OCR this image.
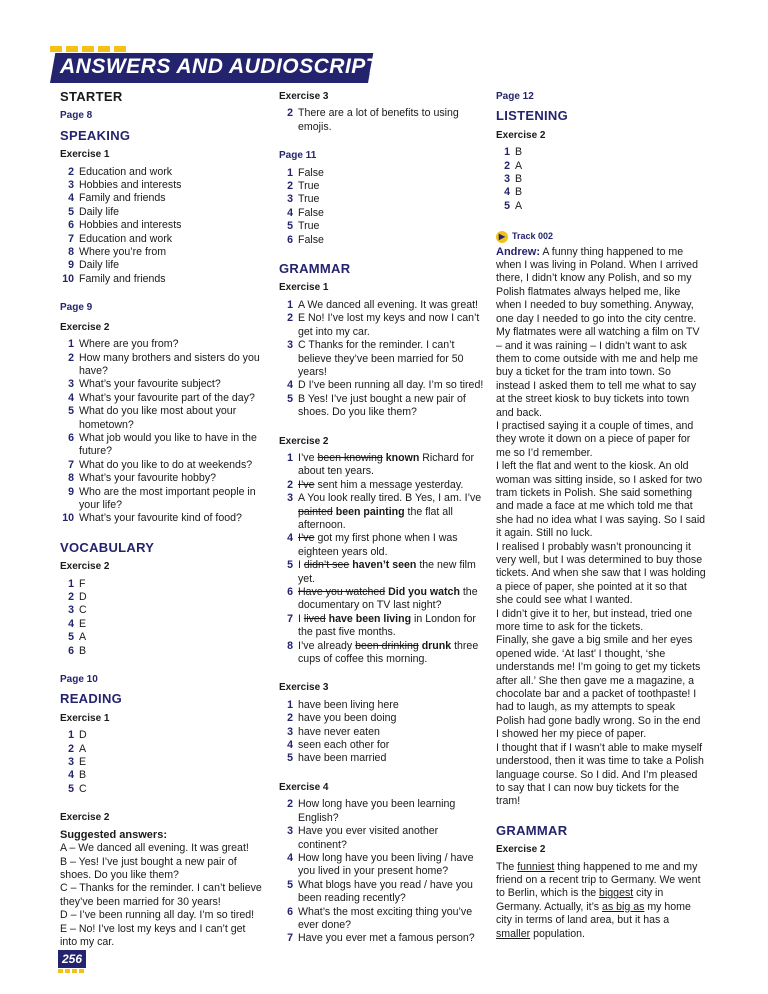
ANSWERS AND AUDIOSCRIPTS
STARTER
Page 8
SPEAKING
Exercise 1
2 Education and work
3 Hobbies and interests
4 Family and friends
5 Daily life
6 Hobbies and interests
7 Education and work
8 Where you’re from
9 Daily life
10 Family and friends
Page 9
Exercise 2
1 Where are you from?
2 How many brothers and sisters do you have?
3 What’s your favourite subject?
4 What’s your favourite part of the day?
5 What do you like most about your hometown?
6 What job would you like to have in the future?
7 What do you like to do at weekends?
8 What’s your favourite hobby?
9 Who are the most important people in your life?
10 What’s your favourite kind of food?
VOCABULARY
Exercise 2
1 F
2 D
3 C
4 E
5 A
6 B
Page 10
READING
Exercise 1
1 D
2 A
3 E
4 B
5 C
Exercise 2
Suggested answers:
A – We danced all evening. It was great!
B – Yes! I’ve just bought a new pair of shoes. Do you like them?
C – Thanks for the reminder. I can’t believe they’ve been married for 30 years!
D – I’ve been running all day. I’m so tired!
E – No! I’ve lost my keys and I can’t get into my car.
Exercise 3
2 There are a lot of benefits to using emojis.
Page 11
1 False
2 True
3 True
4 False
5 True
6 False
GRAMMAR
Exercise 1
1 A We danced all evening. It was great!
2 E No! I’ve lost my keys and now I can’t get into my car.
3 C Thanks for the reminder. I can’t believe they’ve been married for 50 years!
4 D I’ve been running all day. I’m so tired!
5 B Yes! I’ve just bought a new pair of shoes. Do you like them?
Exercise 2
1 I’ve been knowing known Richard for about ten years.
2 I’ve sent him a message yesterday.
3 A You look really tired. B Yes, I am. I’ve painted been painting the flat all afternoon.
4 I’ve got my first phone when I was eighteen years old.
5 I didn’t see haven’t seen the new film yet.
6 Have you watched Did you watch the documentary on TV last night?
7 I lived have been living in London for the past five months.
8 I’ve already been drinking drunk three cups of coffee this morning.
Exercise 3
1 have been living here
2 have you been doing
3 have never eaten
4 seen each other for
5 have been married
Exercise 4
2 How long have you been learning English?
3 Have you ever visited another continent?
4 How long have you been living / have you lived in your present home?
5 What blogs have you read / have you been reading recently?
6 What’s the most exciting thing you’ve ever done?
7 Have you ever met a famous person?
Page 12
LISTENING
Exercise 2
1 B
2 A
3 B
4 B
5 A
▶ Track 002
Andrew: A funny thing happened to me when I was living in Poland. When I arrived there, I didn’t know any Polish, and so my Polish flatmates always helped me, like when I needed to buy something. Anyway, one day I needed to go into the city centre. My flatmates were all watching a film on TV – and it was raining – I didn’t want to ask them to come outside with me and help me buy a ticket for the tram into town. So instead I asked them to tell me what to say at the street kiosk to buy tickets into town and back.
I practised saying it a couple of times, and they wrote it down on a piece of paper for me so I’d remember.
I left the flat and went to the kiosk. An old woman was sitting inside, so I asked for two tram tickets in Polish. She said something and made a face at me which told me that she had no idea what I was saying. So I said it again. Still no luck.
I realised I probably wasn’t pronouncing it very well, but I was determined to buy those tickets. And when she saw that I was holding a piece of paper, she pointed at it so that she could see what I wanted.
I didn’t give it to her, but instead, tried one more time to ask for the tickets.
Finally, she gave a big smile and her eyes opened wide. ‘At last’ I thought, ‘she understands me! I’m going to get my tickets after all.’ She then gave me a magazine, a chocolate bar and a packet of toothpaste! I had to laugh, as my attempts to speak Polish had gone badly wrong. So in the end I showed her my piece of paper.
I thought that if I wasn’t able to make myself understood, then it was time to take a Polish language course. So I did. And I’m pleased to say that I can now buy tickets for the tram!
GRAMMAR
Exercise 2
The funniest thing happened to me and my friend on a recent trip to Germany. We went to Berlin, which is the biggest city in Germany. Actually, it’s as big as my home city in terms of land area, but it has a smaller population.
256
